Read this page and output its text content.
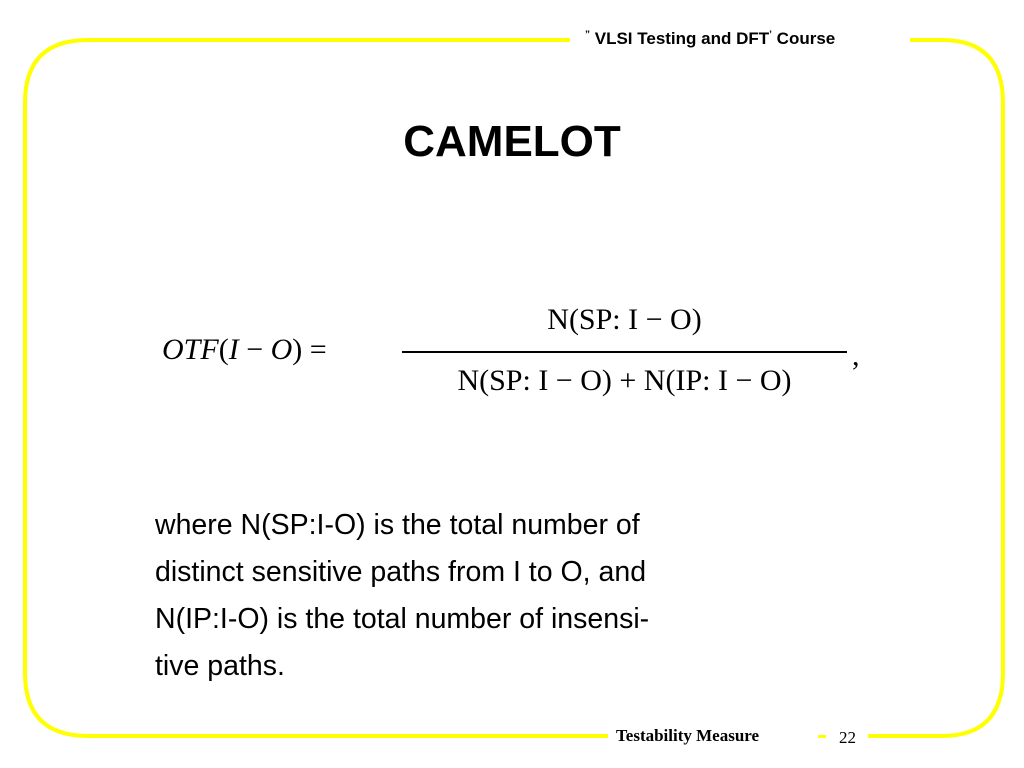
” VLSI Testing and DFT’ Course
CAMELOT
OTF(I − O) =
N(SP: I − O)
N(SP: I − O) + N(IP: I − O)
,
where N(SP:I-O) is the total number of
distinct sensitive paths from I to O, and
N(IP:I-O) is the total number of insensi-
tive paths.
Testability Measure	22
